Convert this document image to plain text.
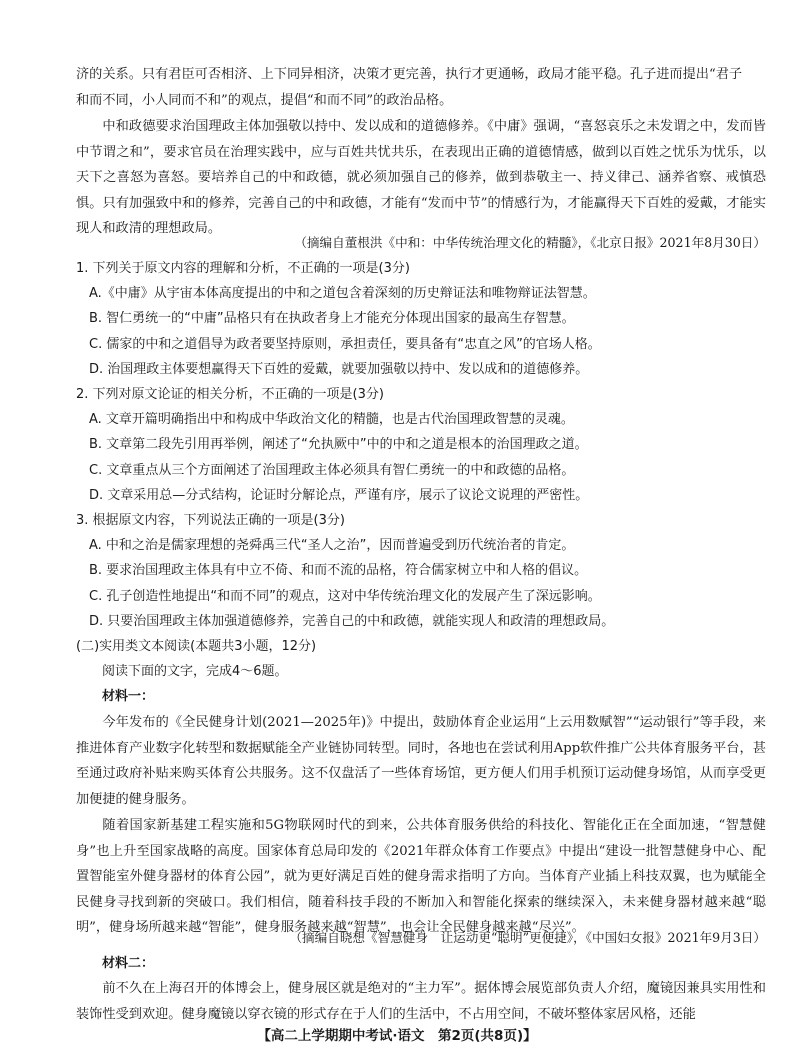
济的关系。只有君臣可否相济、上下同异相济，决策才更完善，执行才更通畅，政局才能平稳。孔子进而提出“君子

和而不同，小人同而不和”的观点，提倡“和而不同”的政治品格。

中和政德要求治国理政主体加强敬以持中、发以成和的道德修养。《中庸》强调，“喜怒哀乐之未发谓之中，发而皆中节谓之和”，要求官员在治理实践中，应与百姓共忧共乐，在表现出正确的道德情感，做到以百姓之忧乐为忧乐，以天下之喜怒为喜怒。要培养自己的中和政德，就必须加强自己的修养，做到恭敬主一、持义律己、涵养省察、戒慎恐惧。只有加强致中和的修养，完善自己的中和政德，才能有“发而中节”的情感行为，才能赢得天下百姓的爱戴，才能实现人和政清的理想政局。

（摘编自董根洪《中和：中华传统治理文化的精髓》，《北京日报》2021年8月30日）

1. 下列关于原文内容的理解和分析，不正确的一项是(3分)

A.《中庸》从宇宙本体高度提出的中和之道包含着深刻的历史辩证法和唯物辩证法智慧。

B. 智仁勇统一的“中庸”品格只有在执政者身上才能充分体现出国家的最高生存智慧。

C. 儒家的中和之道倡导为政者要坚持原则，承担责任，要具备有“忠直之风”的官场人格。

D. 治国理政主体要想赢得天下百姓的爱戴，就要加强敬以持中、发以成和的道德修养。

2. 下列对原文论证的相关分析，不正确的一项是(3分)

A. 文章开篇明确指出中和构成中华政治文化的精髓，也是古代治国理政智慧的灵魂。

B. 文章第二段先引用再举例，阐述了“允执厥中”中的中和之道是根本的治国理政之道。

C. 文章重点从三个方面阐述了治国理政主体必须具有智仁勇统一的中和政德的品格。

D. 文章采用总—分式结构，论证时分解论点，严谨有序，展示了议论文说理的严密性。

3. 根据原文内容，下列说法正确的一项是(3分)

A. 中和之治是儒家理想的尧舜禹三代“圣人之治”，因而普遍受到历代统治者的肯定。

B. 要求治国理政主体具有中立不倚、和而不流的品格，符合儒家树立中和人格的倡议。

C. 孔子创造性地提出“和而不同”的观点，这对中华传统治理文化的发展产生了深远影响。

D. 只要治国理政主体加强道德修养，完善自己的中和政德，就能实现人和政清的理想政局。

(二)实用类文本阅读(本题共3小题，12分)

阅读下面的文字，完成4～6题。

材料一：

今年发布的《全民健身计划(2021—2025年)》中提出，鼓励体育企业运用“上云用数赋智”“运动银行”等手段，来推进体育产业数字化转型和数据赋能全产业链协同转型。同时，各地也在尝试利用App软件推广公共体育服务平台，甚至通过政府补贴来购买体育公共服务。这不仅盘活了一些体育场馆，更方便人们用手机预订运动健身场馆，从而享受更加便捷的健身服务。

随着国家新基建工程实施和5G物联网时代的到来，公共体育服务供给的科技化、智能化正在全面加速，“智慧健身”也上升至国家战略的高度。国家体育总局印发的《2021年群众体育工作要点》中提出“建设一批智慧健身中心、配置智能室外健身器材的体育公园”，就为更好满足百姓的健身需求指明了方向。当体育产业插上科技双翼，也为赋能全民健身寻找到新的突破口。我们相信，随着科技手段的不断加入和智能化探索的继续深入，未来健身器材越来越“聪明”，健身场所越来越“智能”，健身服务越来越“智慧”，也会让全民健身越来越“尽兴”。

（摘编自晓想《智慧健身　让运动更“聪明”更便捷》，《中国妇女报》2021年9月3日）

材料二：

前不久在上海召开的体博会上，健身展区就是绝对的“主力军”。据体博会展览部负责人介绍，魔镜因兼具实用性和装饰性受到欢迎。健身魔镜以穿衣镜的形式存在于人们的生活中，不占用空间，不破坏整体家居风格，还能

【高二上学期期中考试·语文　第2页(共8页)】
